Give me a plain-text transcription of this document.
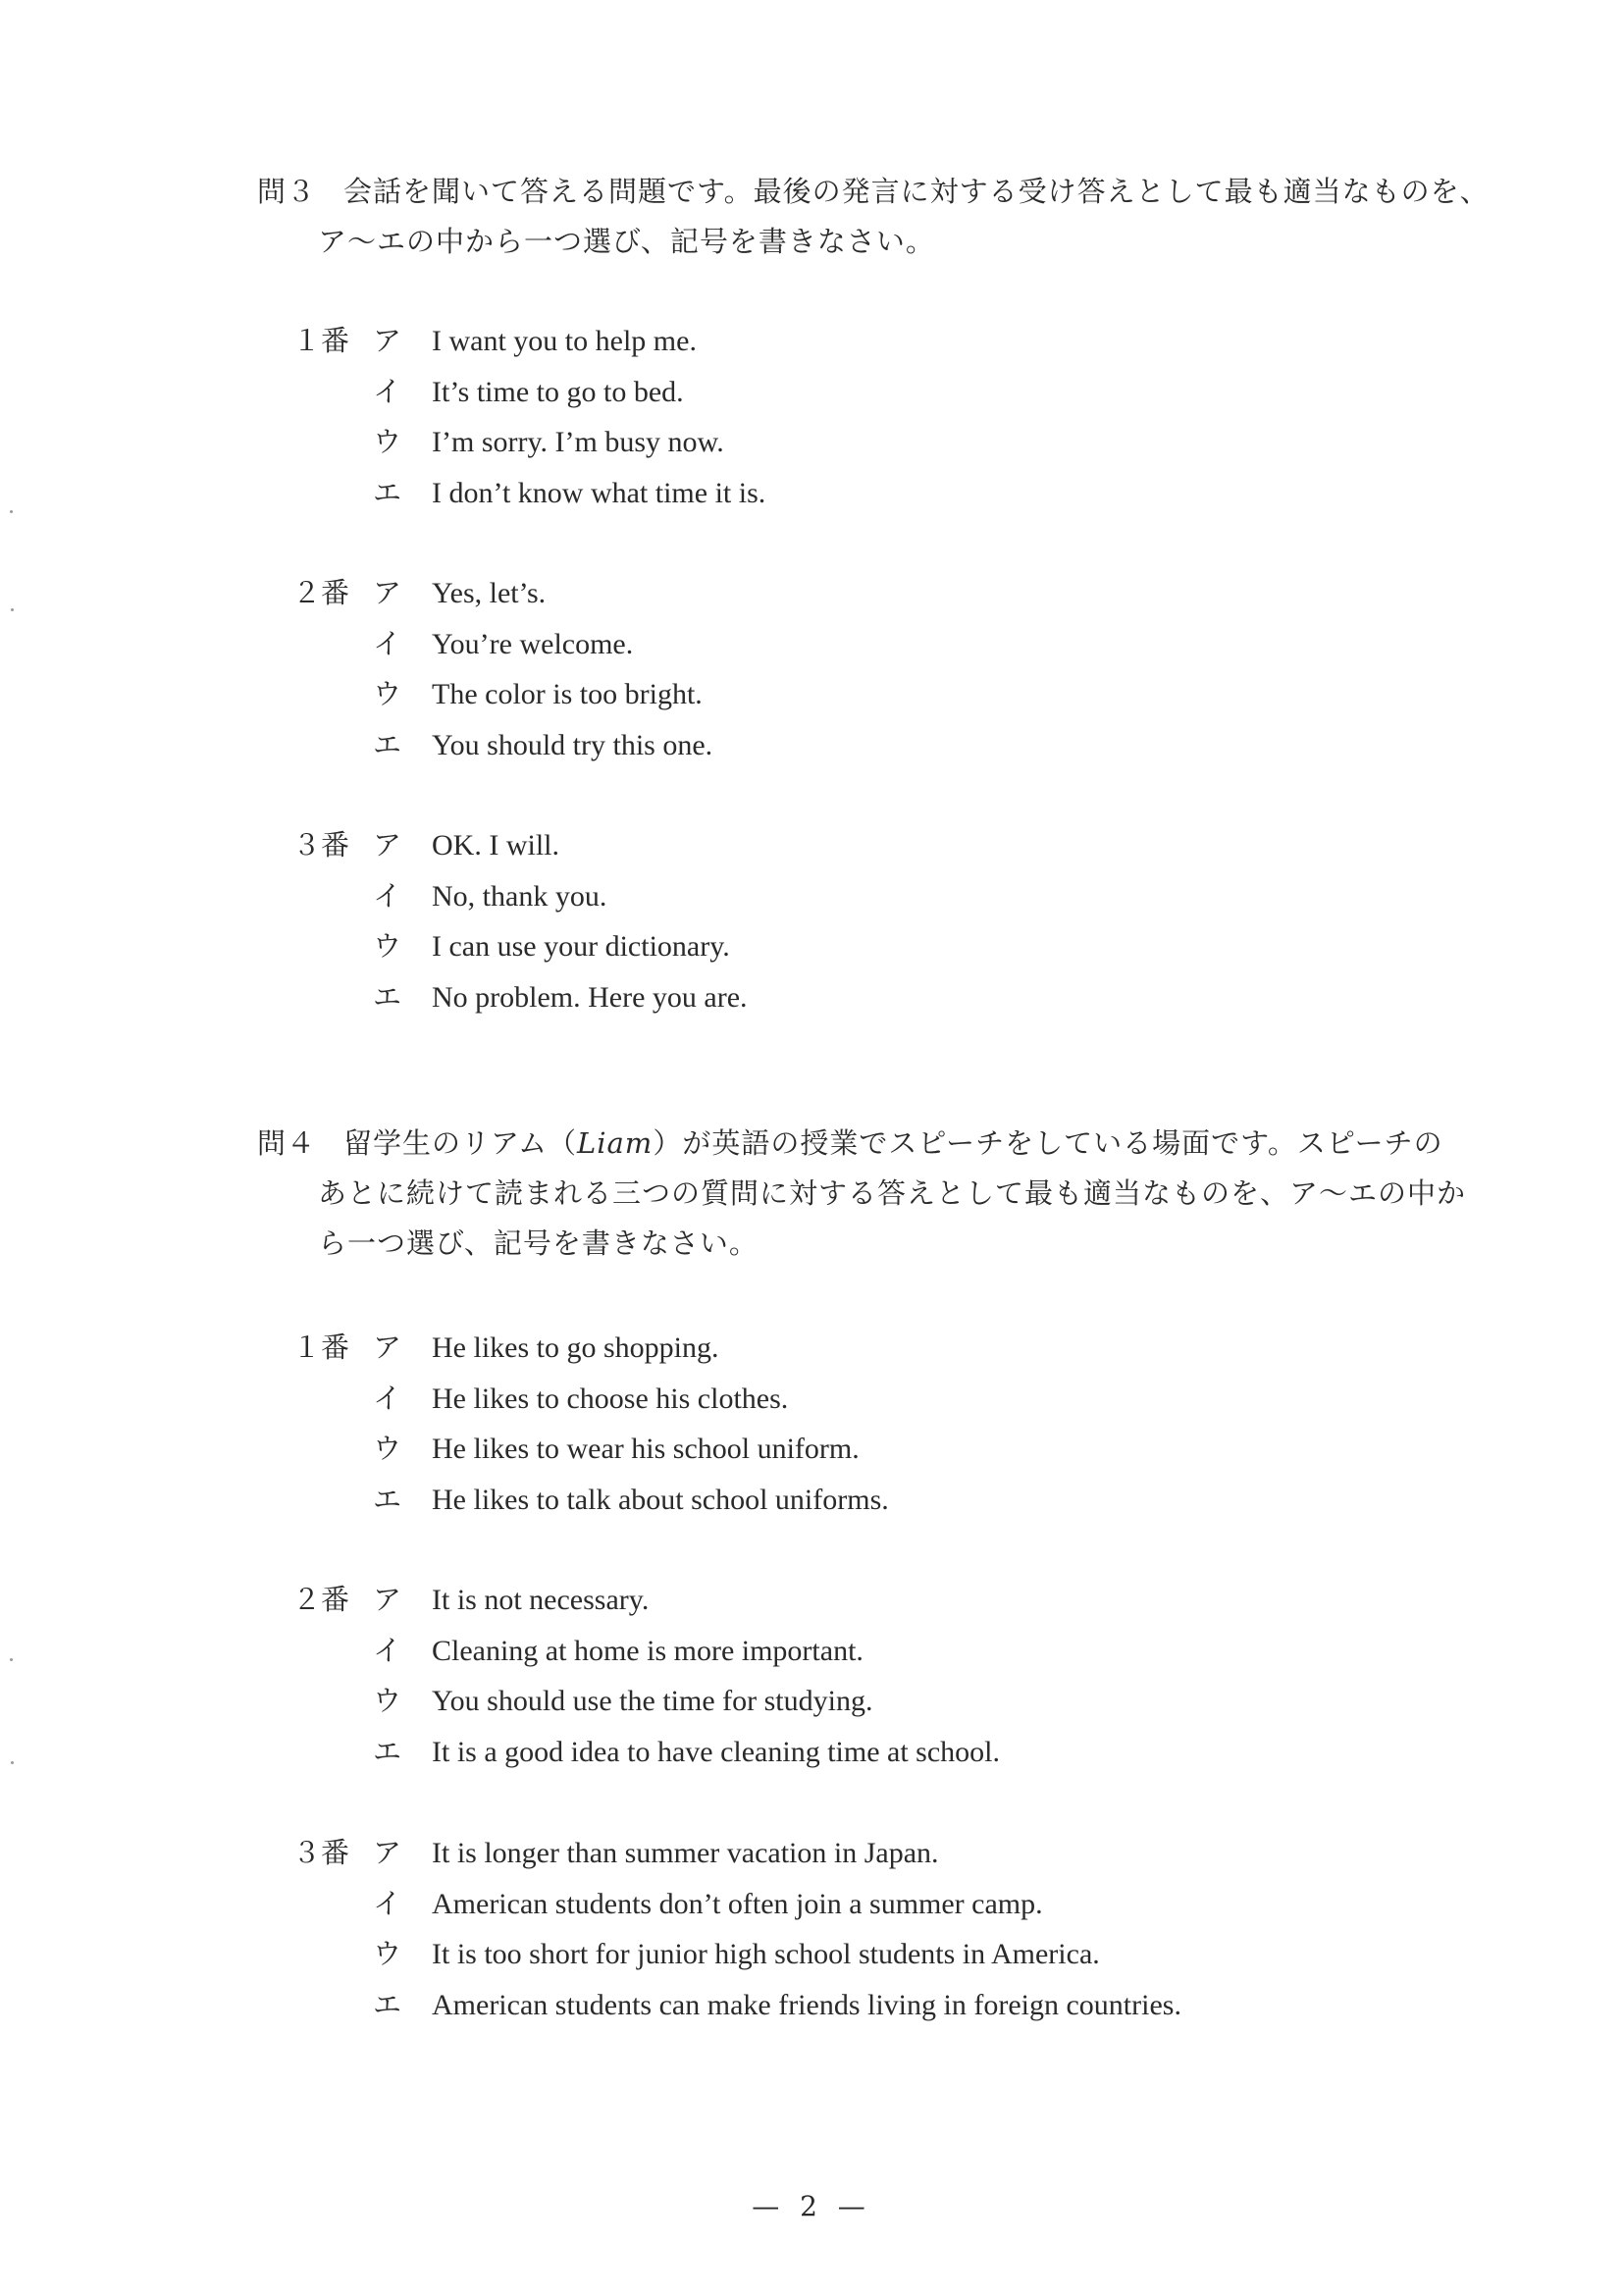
問３ 会話を聞いて答える問題です。最後の発言に対する受け答えとして最も適当なものを、
ア～エの中から一つ選び、記号を書きなさい。
１番 ア	I want you to help me.
イ	It’s time to go to bed.
ウ	I’m sorry. I’m busy now.
エ	I don’t know what time it is.
２番 ア	Yes, let’s.
イ	You’re welcome.
ウ	The color is too bright.
エ	You should try this one.
３番 ア	OK. I will.
イ	No, thank you.
ウ	I can use your dictionary.
エ	No problem. Here you are.
問４ 留学生のリアム（Liam）が英語の授業でスピーチをしている場面です。スピーチの
あとに続けて読まれる三つの質問に対する答えとして最も適当なものを、ア～エの中か
ら一つ選び、記号を書きなさい。
１番 ア	He likes to go shopping.
イ	He likes to choose his clothes.
ウ	He likes to wear his school uniform.
エ	He likes to talk about school uniforms.
２番 ア	It is not necessary.
イ	Cleaning at home is more important.
ウ	You should use the time for studying.
エ	It is a good idea to have cleaning time at school.
３番 ア	It is longer than summer vacation in Japan.
イ	American students don’t often join a summer camp.
ウ	It is too short for junior high school students in America.
エ	American students can make friends living in foreign countries.
— 2 —
